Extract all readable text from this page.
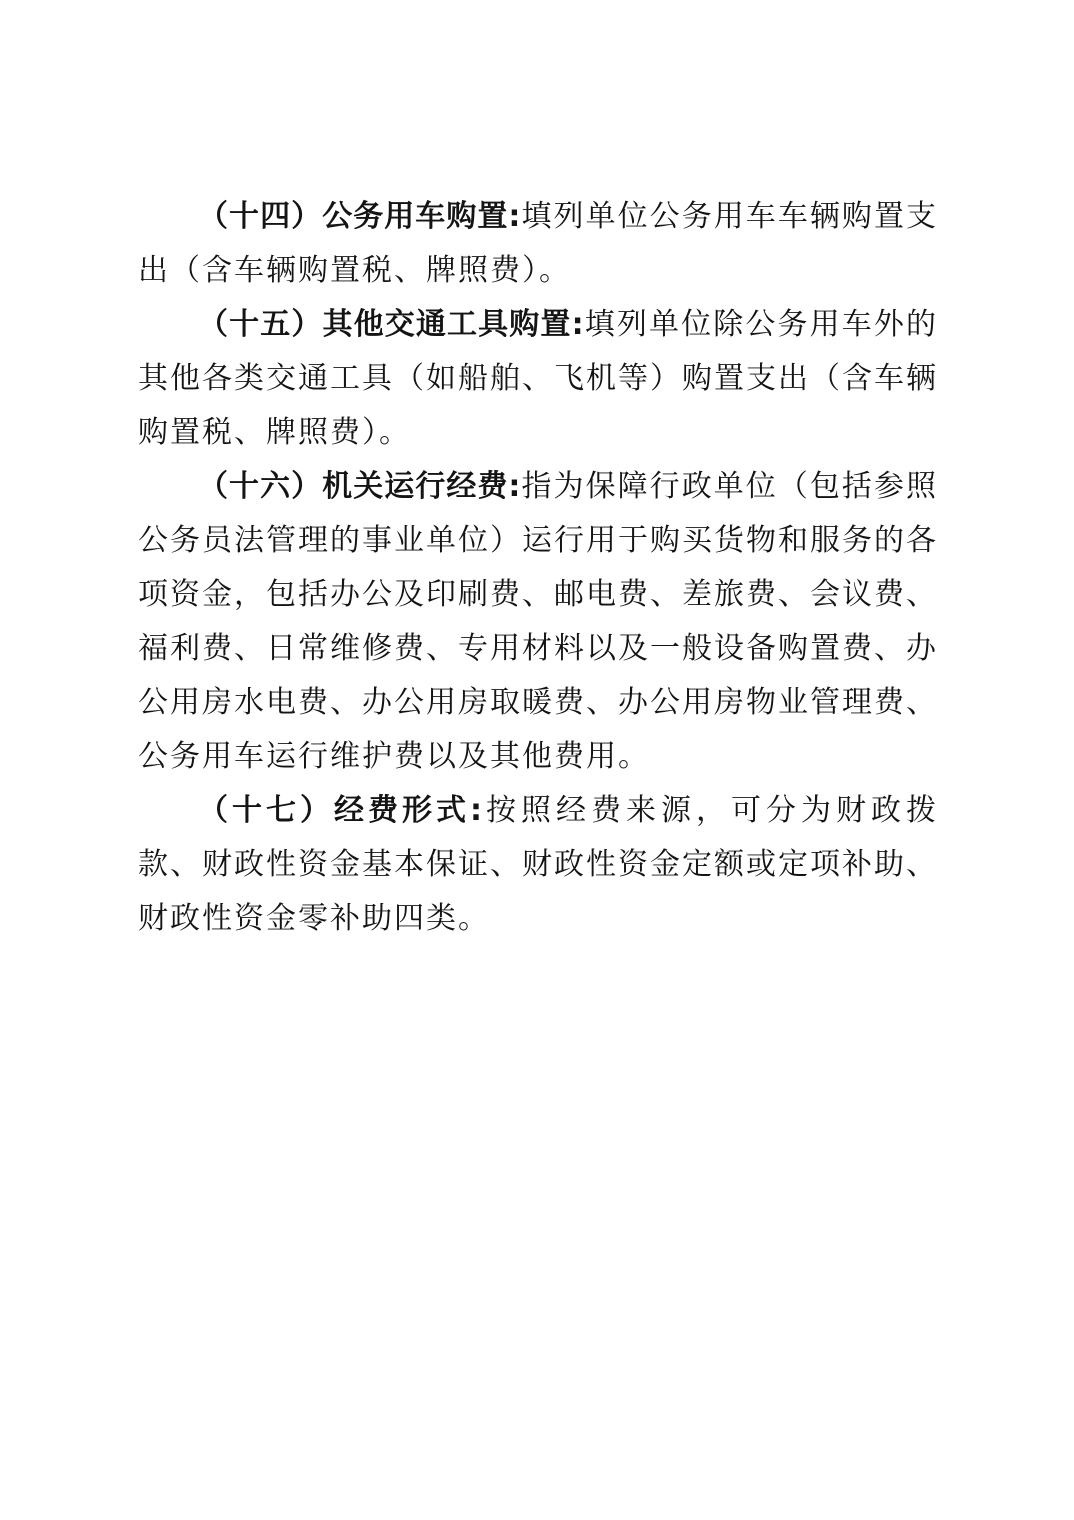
（十四）公务用车购置:填列单位公务用车车辆购置支出（含车辆购置税、牌照费）。

（十五）其他交通工具购置:填列单位除公务用车外的其他各类交通工具（如船舶、飞机等）购置支出（含车辆购置税、牌照费）。

（十六）机关运行经费:指为保障行政单位（包括参照公务员法管理的事业单位）运行用于购买货物和服务的各项资金，包括办公及印刷费、邮电费、差旅费、会议费、福利费、日常维修费、专用材料以及一般设备购置费、办公用房水电费、办公用房取暖费、办公用房物业管理费、公务用车运行维护费以及其他费用。

（十七）经费形式:按照经费来源，可分为财政拨款、财政性资金基本保证、财政性资金定额或定项补助、财政性资金零补助四类。
